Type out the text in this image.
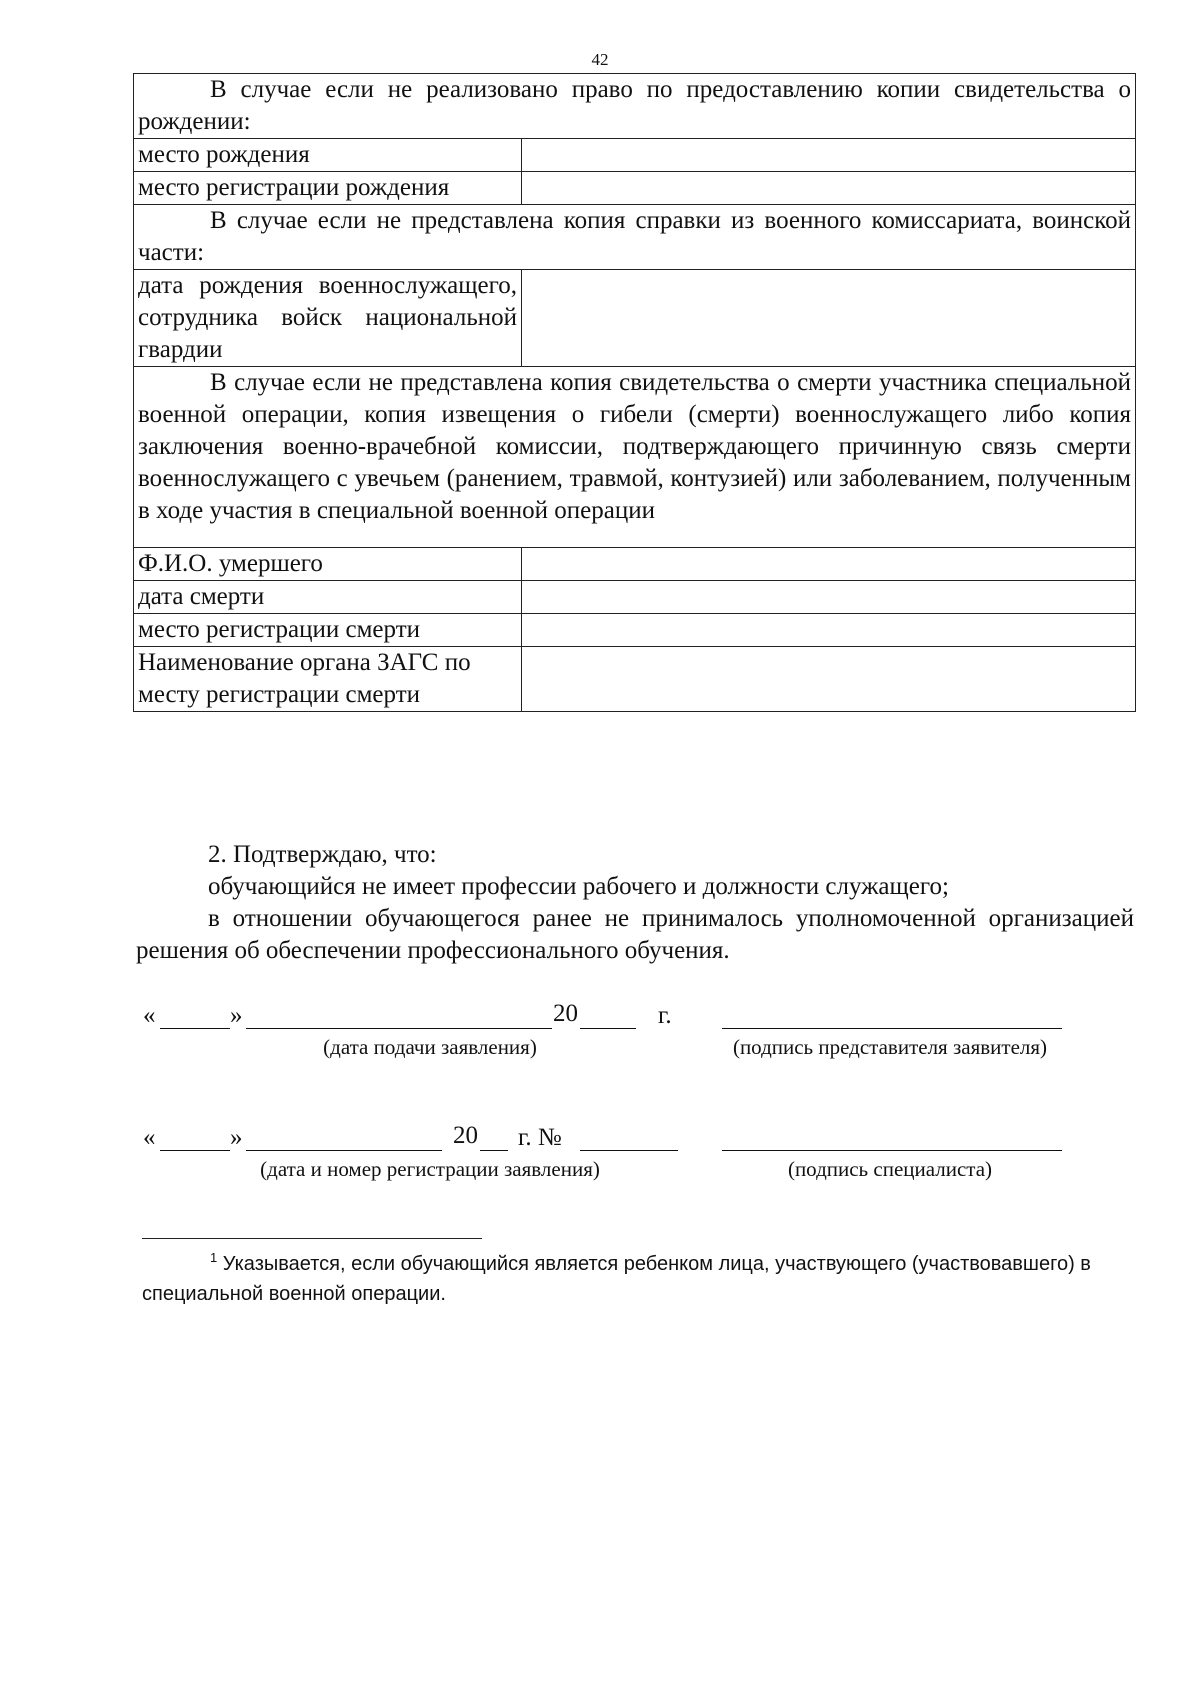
42
В случае если не реализовано право по предоставлению копии свидетельства о рождении:	

место рождения	
место регистрации рождения	

В случае если не представлена копия справки из военного комиссариата, воинской части:	

дата рождения военнослужащего, сотрудника войск национальной гвардии	

В случае если не представлена копия свидетельства о смерти участника специальной военной операции, копия извещения о гибели (смерти) военнослужащего либо копия заключения военно-врачебной комиссии, подтверждающего причинную связь смерти военнослужащего с увечьем (ранением, травмой, контузией) или заболеванием, полученным в ходе участия в специальной военной операции	

Ф.И.О. умершего	
дата смерти	
место регистрации смерти	
Наименование органа ЗАГС по месту регистрации смерти	

2. Подтверждаю, что:

обучающийся не имеет профессии рабочего и должности служащего;

в отношении обучающегося ранее не принималось уполномоченной организацией решения об обеспечении профессионального обучения.

«	»	20	г.
(дата подачи заявления)	(подпись представителя заявителя)
«	»	20 г. №
(дата и номер регистрации заявления)	(подпись специалиста)
$^1$ Указывается, если обучающийся является ребенком лица, участвующего (участвовавшего) в специальной военной операции.
